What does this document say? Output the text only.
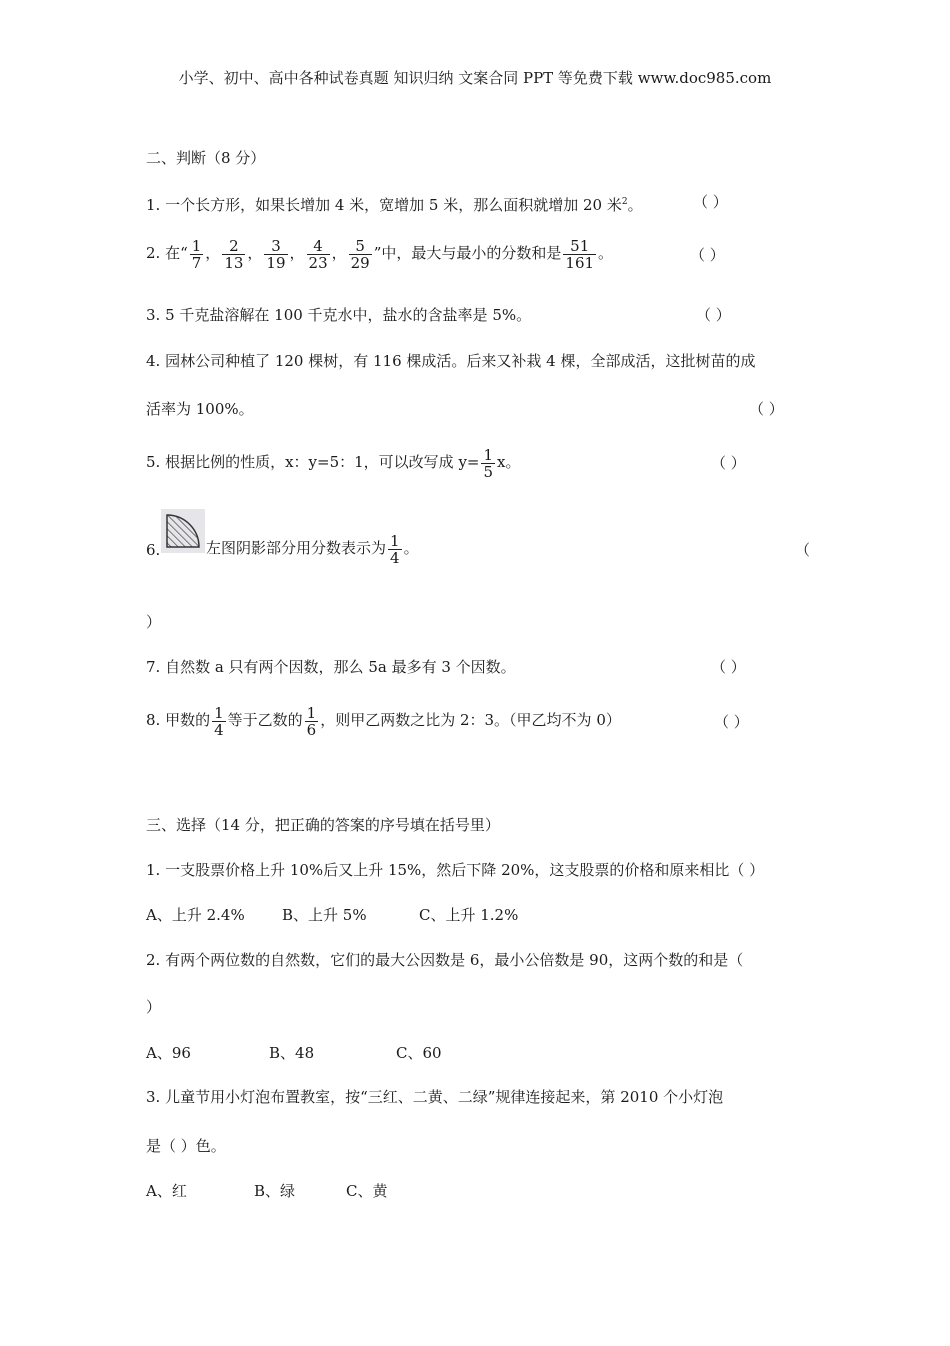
小学、初中、高中各种试卷真题 知识归纳 文案合同 PPT 等免费下载 www.doc985.com
二、判断（8 分）
1. 一个长方形，如果长增加 4 米，宽增加 5 米，那么面积就增加 20 米$^2$。	（ ）
2. 在“ $\frac{1}{7}$ ， $\frac{2}{13}$ ， $\frac{3}{19}$ ， $\frac{4}{23}$ ， $\frac{5}{29}$ ”中，最大与最小的分数和是 $\frac{51}{161}$ 。	（ ）
3. 5 千克盐溶解在 100 千克水中，盐水的含盐率是 5%。	（ ）
4. 园林公司种植了 120 棵树，有 116 棵成活。后来又补栽 4 棵，全部成活，这批树苗的成
活率为 100%。	（ ）
5. 根据比例的性质，x：y=5：1，可以改写成 $y= \frac{1}{5}$ x。	（ ）
6.	左图阴影部分用分数表示为 $\frac{1}{4}$ 。	（
）
7. 自然数 a 只有两个因数，那么 5a 最多有 3 个因数。	（ ）
8. 甲数的 $\frac{1}{4}$ 等于乙数的 $\frac{1}{6}$ ，则甲乙两数之比为 2：3。（甲乙均不为 0）	（ ）
三、选择（14 分，把正确的答案的序号填在括号里）
1. 一支股票价格上升 10%后又上升 15%，然后下降 20%，这支股票的价格和原来相比（ ）
A、上升 2.4% B、上升 5%	C、上升 1.2%
2. 有两个两位数的自然数，它们的最大公因数是 6，最小公倍数是 90，这两个数的和是（
）
A、96	B、48	C、60
3. 儿童节用小灯泡布置教室，按“三红、二黄、二绿”规律连接起来，第 2010 个小灯泡
是（ ）色。
A、红	B、绿	C、黄
